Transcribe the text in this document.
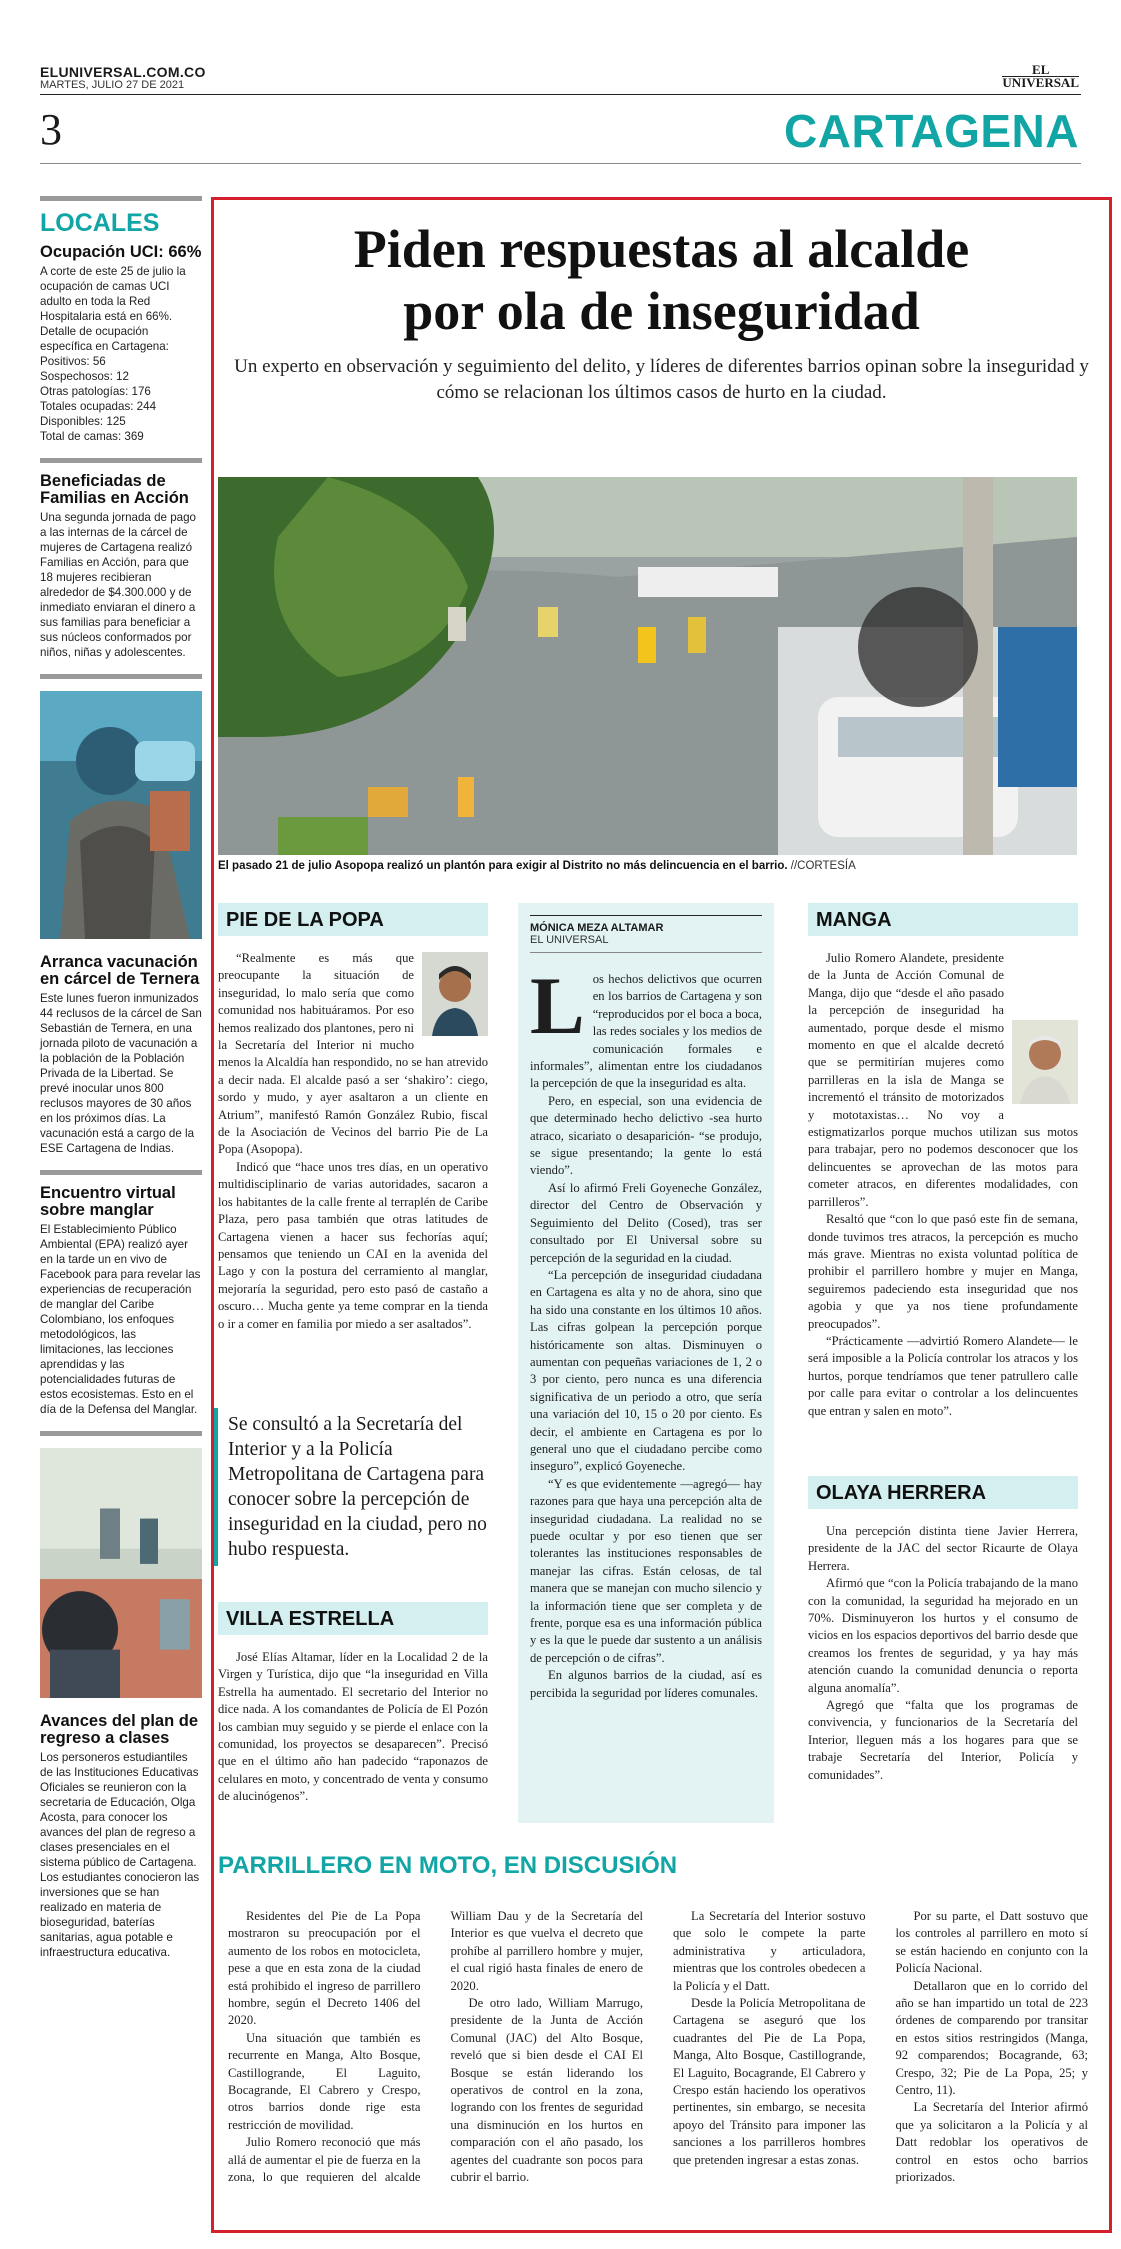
ELUNIVERSAL.COM.CO
MARTES, JULIO 27 DE 2021
EL
UNIVERSAL
3	CARTAGENA
LOCALES
Ocupación UCI: 66%
A corte de este 25 de julio la ocupación de camas UCI adulto en toda la Red Hospitalaria está en 66%. Detalle de ocupación específica en Cartagena:
Positivos: 56
Sospechosos: 12
Otras patologías: 176
Totales ocupadas: 244
Disponibles: 125
Total de camas: 369
Beneficiadas de Familias en Acción
Una segunda jornada de pago a las internas de la cárcel de mujeres de Cartagena realizó Familias en Acción, para que 18 mujeres recibieran alrededor de $4.300.000 y de inmediato enviaran el dinero a sus familias para beneficiar a sus núcleos conformados por niños, niñas y adolescentes.
Arranca vacunación en cárcel de Ternera
Este lunes fueron inmunizados 44 reclusos de la cárcel de San Sebastián de Ternera, en una jornada piloto de vacunación a la población de la Población Privada de la Libertad. Se prevé inocular unos 800 reclusos mayores de 30 años en los próximos días. La vacunación está a cargo de la ESE Cartagena de Indias.
Encuentro virtual sobre manglar
El Establecimiento Público Ambiental (EPA) realizó ayer en la tarde un en vivo de Facebook para para revelar las experiencias de recuperación de manglar del Caribe Colombiano, los enfoques metodológicos, las limitaciones, las lecciones aprendidas y las potencialidades futuras de estos ecosistemas. Esto en el día de la Defensa del Manglar.
Avances del plan de regreso a clases
Los personeros estudiantiles de las Instituciones Educativas Oficiales se reunieron con la secretaria de Educación, Olga Acosta, para conocer los avances del plan de regreso a clases presenciales en el sistema público de Cartagena. Los estudiantes conocieron las inversiones que se han realizado en materia de bioseguridad, baterías sanitarias, agua potable e infraestructura educativa.
Piden respuestas al alcalde
por ola de inseguridad
Un experto en observación y seguimiento del delito, y líderes de diferentes barrios opinan sobre la inseguridad y cómo se relacionan los últimos casos de hurto en la ciudad.
El pasado 21 de julio Asopopa realizó un plantón para exigir al Distrito no más delincuencia en el barrio. //CORTESÍA
PIE DE LA POPA

“Realmente es más que preocupante la situación de inseguridad, lo malo sería que como comunidad nos habituáramos. Por eso hemos realizado dos plantones, pero ni la Secretaría del Interior ni mucho menos la Alcaldía han respondido, no se han atrevido a decir nada. El alcalde pasó a ser ‘shakiro’: ciego, sordo y mudo, y ayer asaltaron a un cliente en Atrium”, manifestó Ramón González Rubio, fiscal de la Asociación de Vecinos del barrio Pie de La Popa (Asopopa).

Indicó que “hace unos tres días, en un operativo multidisciplinario de varias autoridades, sacaron a los habitantes de la calle frente al terraplén de Caribe Plaza, pero pasa también que otras latitudes de Cartagena vienen a hacer sus fechorías aquí; pensamos que teniendo un CAI en la avenida del Lago y con la postura del cerramiento al manglar, mejoraría la seguridad, pero esto pasó de castaño a oscuro… Mucha gente ya teme comprar en la tienda o ir a comer en familia por miedo a ser asaltados”.

Se consultó a la Secretaría del Interior y a la Policía Metropolitana de Cartagena para conocer sobre la percepción de inseguridad en la ciudad, pero no hubo respuesta.
VILLA ESTRELLA

José Elías Altamar, líder en la Localidad 2 de la Virgen y Turística, dijo que “la inseguridad en Villa Estrella ha aumentado. El secretario del Interior no dice nada. A los comandantes de Policía de El Pozón los cambian muy seguido y se pierde el enlace con la comunidad, los proyectos se desaparecen”. Precisó que en el último año han padecido “raponazos de celulares en moto, y concentrado de venta y consumo de alucinógenos”.

MÓNICA MEZA ALTAMAR
EL UNIVERSAL
L os hechos delictivos que ocurren en los barrios de Cartagena y son “reproducidos por el boca a boca, las redes sociales y los medios de comunicación formales e informales”, alimentan entre los ciudadanos la percepción de que la inseguridad es alta.

Pero, en especial, son una evidencia de que determinado hecho delictivo -sea hurto atraco, sicariato o desaparición- “se produjo, se sigue presentando; la gente lo está viendo”.

Así lo afirmó Freli Goyeneche González, director del Centro de Observación y Seguimiento del Delito (Cosed), tras ser consultado por El Universal sobre su percepción de la seguridad en la ciudad.

“La percepción de inseguridad ciudadana en Cartagena es alta y no de ahora, sino que ha sido una constante en los últimos 10 años. Las cifras golpean la percepción porque históricamente son altas. Disminuyen o aumentan con pequeñas variaciones de 1, 2 o 3 por ciento, pero nunca es una diferencia significativa de un periodo a otro, que sería una variación del 10, 15 o 20 por ciento. Es decir, el ambiente en Cartagena es por lo general uno que el ciudadano percibe como inseguro”, explicó Goyeneche.

“Y es que evidentemente —agregó— hay razones para que haya una percepción alta de inseguridad ciudadana. La realidad no se puede ocultar y por eso tienen que ser tolerantes las instituciones responsables de manejar las cifras. Están celosas, de tal manera que se manejan con mucho silencio y la información tiene que ser completa y de frente, porque esa es una información pública y es la que le puede dar sustento a un análisis de percepción o de cifras”.

En algunos barrios de la ciudad, así es percibida la seguridad por líderes comunales.

MANGA

Julio Romero Alandete, presidente de la Junta de Acción Comunal de Manga, dijo que “desde el año pasado la percepción de inseguridad ha aumentado, porque desde el mismo momento en que el alcalde decretó que se permitirían mujeres como parrilleras en la isla de Manga se incrementó el tránsito de motorizados y mototaxistas… No voy a estigmatizarlos porque muchos utilizan sus motos para trabajar, pero no podemos desconocer que los delincuentes se aprovechan de las motos para cometer atracos, en diferentes modalidades, con parrilleros”.

Resaltó que “con lo que pasó este fin de semana, donde tuvimos tres atracos, la percepción es mucho más grave. Mientras no exista voluntad política de prohibir el parrillero hombre y mujer en Manga, seguiremos padeciendo esta inseguridad que nos agobia y que ya nos tiene profundamente preocupados”.

“Prácticamente —advirtió Romero Alandete— le será imposible a la Policía controlar los atracos y los hurtos, porque tendríamos que tener patrullero calle por calle para evitar o controlar a los delincuentes que entran y salen en moto”.

OLAYA HERRERA

Una percepción distinta tiene Javier Herrera, presidente de la JAC del sector Ricaurte de Olaya Herrera.

Afirmó que “con la Policía trabajando de la mano con la comunidad, la seguridad ha mejorado en un 70%. Disminuyeron los hurtos y el consumo de vicios en los espacios deportivos del barrio desde que creamos los frentes de seguridad, y ya hay más atención cuando la comunidad denuncia o reporta alguna anomalía”.

Agregó que “falta que los programas de convivencia, y funcionarios de la Secretaría del Interior, lleguen más a los hogares para que se trabaje Secretaría del Interior, Policía y comunidades”.

PARRILLERO EN MOTO, EN DISCUSIÓN

Residentes del Pie de La Popa mostraron su preocupación por el aumento de los robos en motocicleta, pese a que en esta zona de la ciudad está prohibido el ingreso de parrillero hombre, según el Decreto 1406 del 2020.

Una situación que también es recurrente en Manga, Alto Bosque, Castillogrande, El Laguito, Bocagrande, El Cabrero y Crespo, otros barrios donde rige esta restricción de movilidad.

Julio Romero reconoció que más allá de aumentar el pie de fuerza en la zona, lo que requieren del alcalde William Dau y de la Secretaría del Interior es que vuelva el decreto que prohíbe al parrillero hombre y mujer, el cual rigió hasta finales de enero de 2020.

De otro lado, William Marrugo, presidente de la Junta de Acción Comunal (JAC) del Alto Bosque, reveló que si bien desde el CAI El Bosque se están liderando los operativos de control en la zona, logrando con los frentes de seguridad una disminución en los hurtos en comparación con el año pasado, los agentes del cuadrante son pocos para cubrir el barrio.

La Secretaría del Interior sostuvo que solo le compete la parte administrativa y articuladora, mientras que los controles obedecen a la Policía y el Datt.

Desde la Policía Metropolitana de Cartagena se aseguró que los cuadrantes del Pie de La Popa, Manga, Alto Bosque, Castillogrande, El Laguito, Bocagrande, El Cabrero y Crespo están haciendo los operativos pertinentes, sin embargo, se necesita apoyo del Tránsito para imponer las sanciones a los parrilleros hombres que pretenden ingresar a estas zonas.

Por su parte, el Datt sostuvo que los controles al parrillero en moto sí se están haciendo en conjunto con la Policía Nacional.

Detallaron que en lo corrido del año se han impartido un total de 223 órdenes de comparendo por transitar en estos sitios restringidos (Manga, 92 comparendos; Bocagrande, 63; Crespo, 32; Pie de La Popa, 25; y Centro, 11).

La Secretaría del Interior afirmó que ya solicitaron a la Policía y al Datt redoblar los operativos de control en estos ocho barrios priorizados.
